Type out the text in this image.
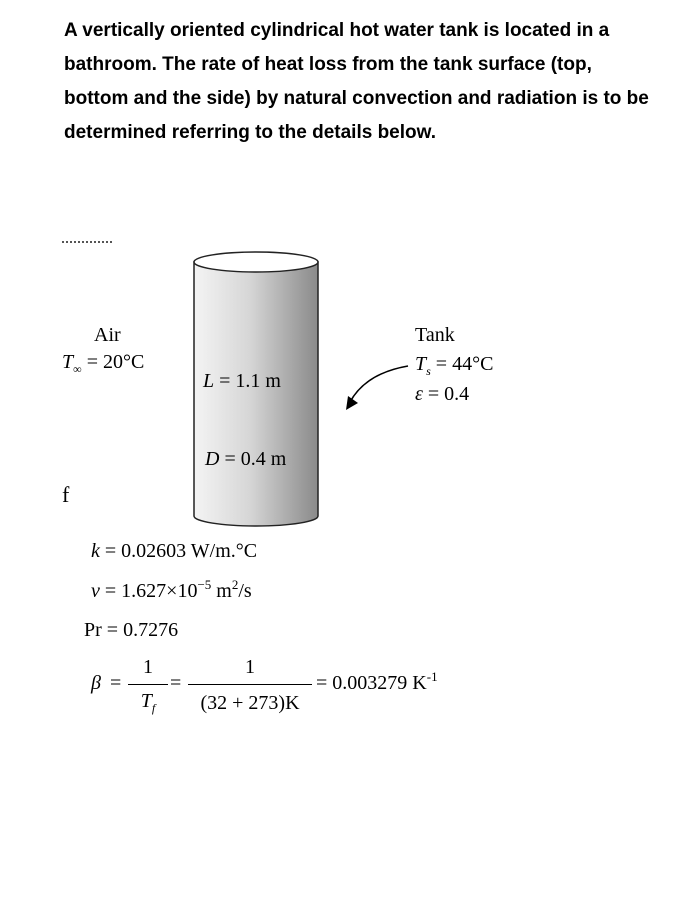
A vertically oriented cylindrical hot water tank is located in a bathroom. The rate of heat loss from the tank surface (top, bottom and the side) by natural convection and radiation is to be determined referring to the details below.

Air
$T_\infty = 20^\circ C$
L = 1.1 m
D = 0.4 m
Tank
$T_s = 44^\circ C$
ε = 0.4
f
k = 0.02603 W/m.°C
$\nu = 1.627\times 10^{-5}$ $m^2/s$
Pr = 0.7276
β =
1
$T_f$
=
1
(32 + 273)K
= 0.003279 $K^{-1}$
